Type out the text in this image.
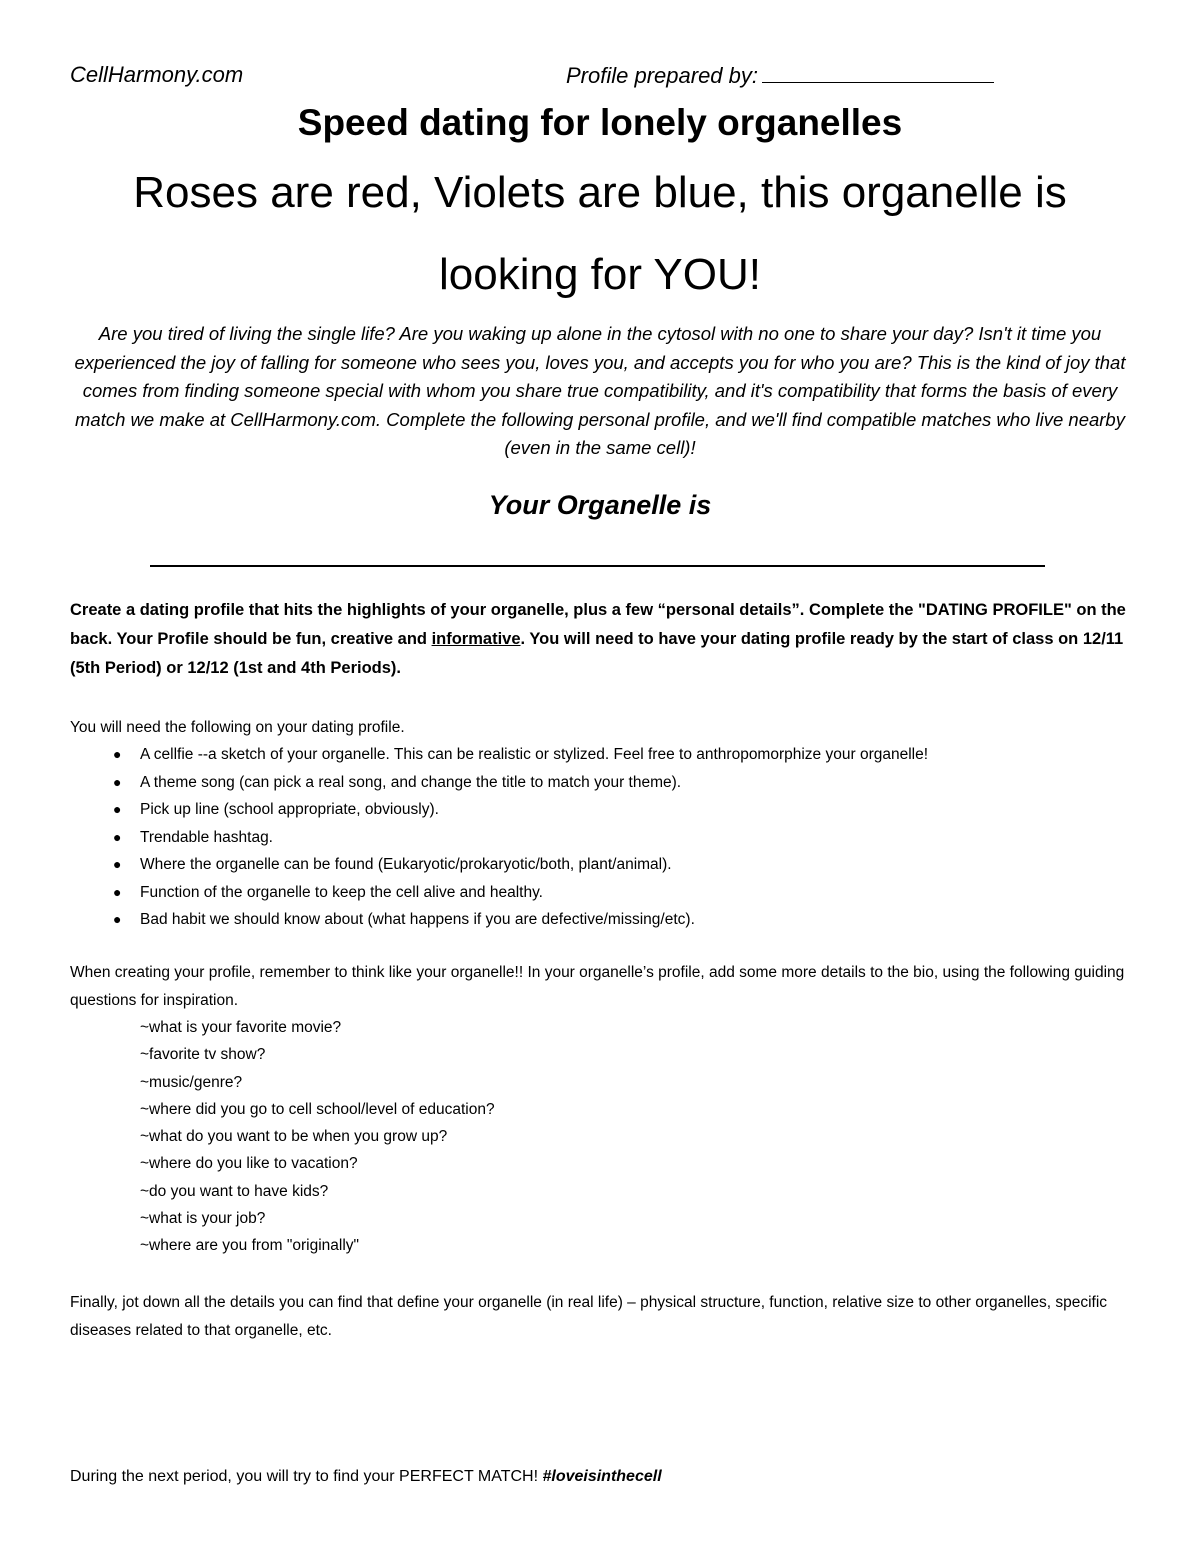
CellHarmony.com	Profile prepared by:
Speed dating for lonely organelles
Roses are red, Violets are blue, this organelle is looking for YOU!
Are you tired of living the single life? Are you waking up alone in the cytosol with no one to share your day? Isn't it time you experienced the joy of falling for someone who sees you, loves you, and accepts you for who you are? This is the kind of joy that comes from finding someone special with whom you share true compatibility, and it's compatibility that forms the basis of every match we make at CellHarmony.com. Complete the following personal profile, and we'll find compatible matches who live nearby (even in the same cell)!
Your Organelle is
Create a dating profile that hits the highlights of your organelle, plus a few “personal details”. Complete the "DATING PROFILE" on the back. Your Profile should be fun, creative and informative. You will need to have your dating profile ready by the start of class on 12/11 (5th Period) or 12/12 (1st and 4th Periods).
You will need the following on your dating profile.
● A cellfie --a sketch of your organelle. This can be realistic or stylized. Feel free to anthropomorphize your organelle!
● A theme song (can pick a real song, and change the title to match your theme).
● Pick up line (school appropriate, obviously).
● Trendable hashtag.
● Where the organelle can be found (Eukaryotic/prokaryotic/both, plant/animal).
● Function of the organelle to keep the cell alive and healthy.
● Bad habit we should know about (what happens if you are defective/missing/etc).
When creating your profile, remember to think like your organelle!! In your organelle’s profile, add some more details to the bio, using the following guiding questions for inspiration.
~what is your favorite movie?
~favorite tv show?
~music/genre?
~where did you go to cell school/level of education?
~what do you want to be when you grow up?
~where do you like to vacation?
~do you want to have kids?
~what is your job?
~where are you from "originally"
Finally, jot down all the details you can find that define your organelle (in real life) – physical structure, function, relative size to other organelles, specific diseases related to that organelle, etc.
During the next period, you will try to find your PERFECT MATCH! #loveisinthecell
